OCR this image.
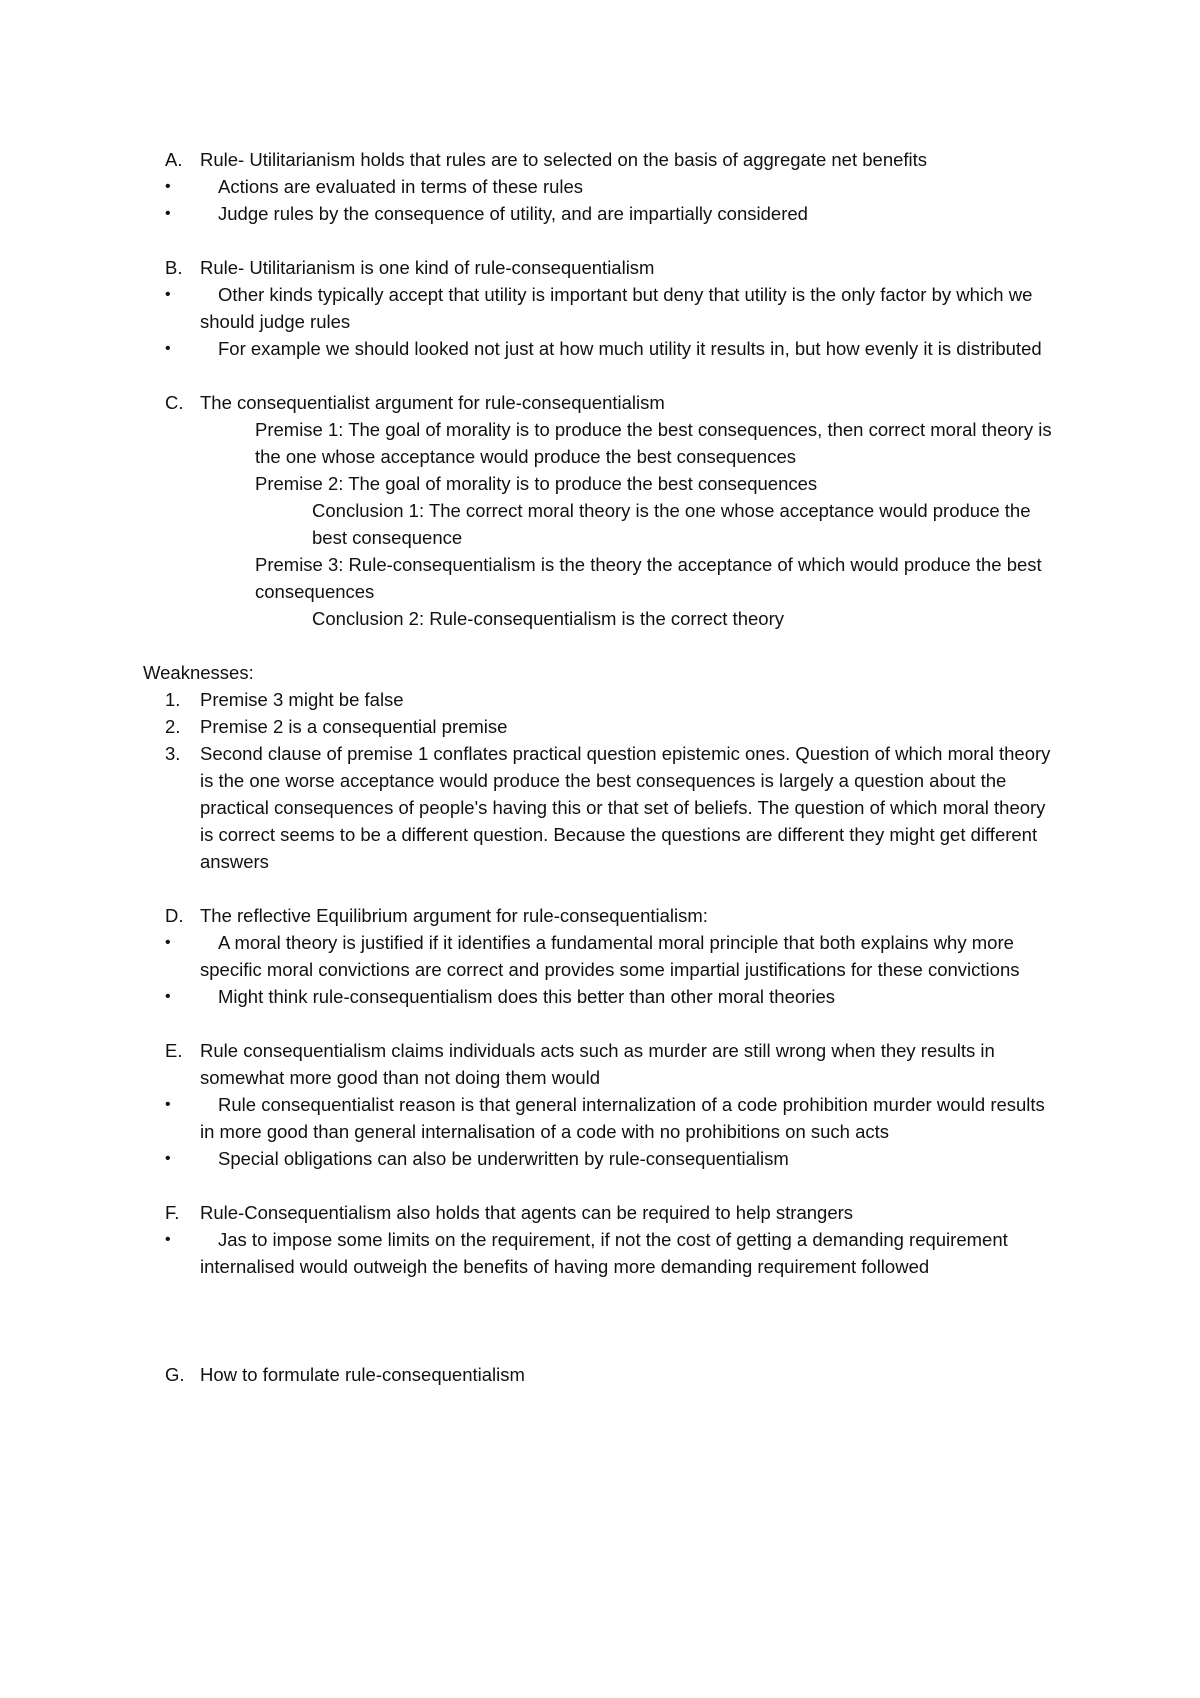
A. Rule- Utilitarianism holds that rules are to selected on the basis of aggregate net benefits
•	Actions are evaluated in terms of these rules
•	Judge rules by the consequence of utility, and are impartially considered
B. Rule- Utilitarianism is one kind of rule-consequentialism
•	Other kinds typically accept that utility is important but deny that utility is the only factor by which we should judge rules
•	For example we should looked not just at how much utility it results in, but how evenly it is distributed
C. The consequentialist argument for rule-consequentialism
Premise 1: The goal of morality is to produce the best consequences, then correct moral theory is the one whose acceptance would produce the best consequences
Premise 2: The goal of morality is to produce the best consequences
Conclusion 1: The correct moral theory is the one whose acceptance would produce the best consequence
Premise 3: Rule-consequentialism is the theory the acceptance of which would produce the best consequences
Conclusion 2: Rule-consequentialism is the correct theory
Weaknesses:
1. Premise 3 might be false
2. Premise 2 is a consequential premise
3. Second clause of premise 1 conflates practical question epistemic ones. Question of which moral theory is the one worse acceptance would produce the best consequences is largely a question about the practical consequences of people's having this or that set of beliefs. The question of which moral theory is correct seems to be a different question. Because the questions are different they might get different answers
D. The reflective Equilibrium argument for rule-consequentialism:
•	A moral theory is justified if it identifies a fundamental moral principle that both explains why more specific moral convictions are correct and provides some impartial justifications for these convictions
•	Might think rule-consequentialism does this better than other moral theories
E. Rule consequentialism claims individuals acts such as murder are still wrong when they results in somewhat more good than not doing them would
•	Rule consequentialist reason is that general internalization of a code prohibition murder would results in more good than general internalisation of a code with no prohibitions on such acts
•	Special obligations can also be underwritten by rule-consequentialism
F. Rule-Consequentialism also holds that agents can be required to help strangers
•	Jas to impose some limits on the requirement, if not the cost of getting a demanding requirement internalised would outweigh the benefits of having more demanding requirement followed
G. How to formulate rule-consequentialism
